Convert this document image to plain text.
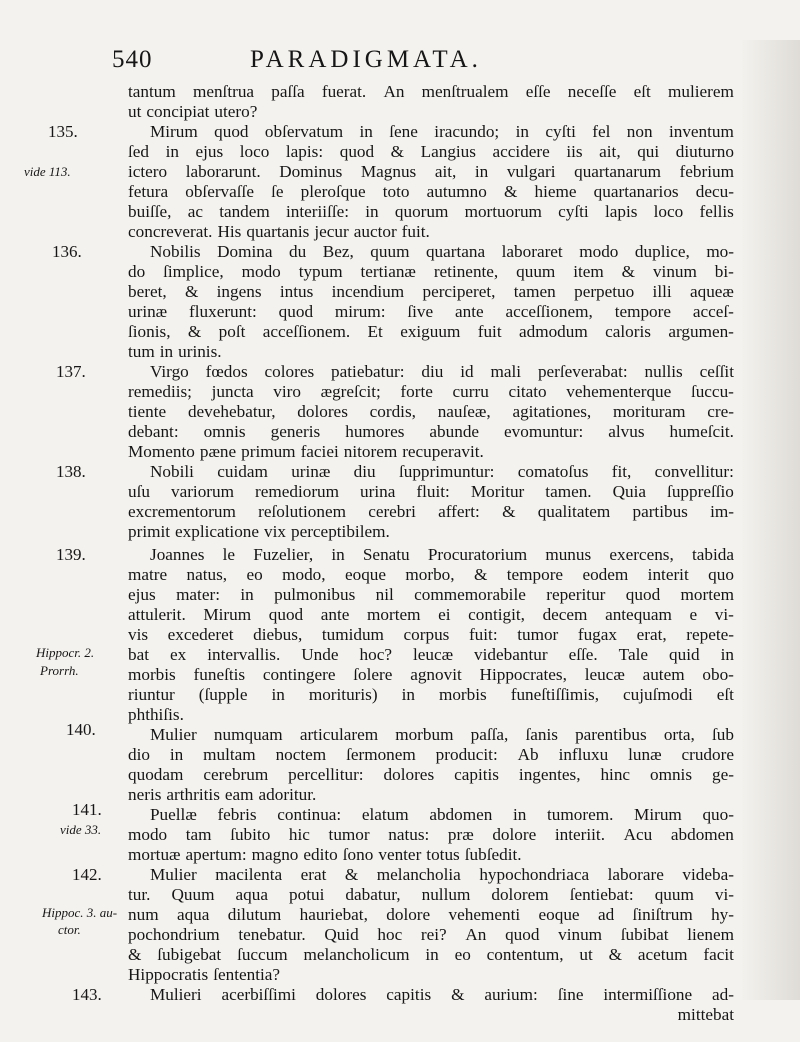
540	PARADIGMATA.
tantum menſtrua paſſa fuerat. An menſtrualem eſſe neceſſe eſt mulierem
ut concipiat utero?
Mirum quod obſervatum in ſene iracundo; in cyſti fel non inventum
ſed in ejus loco lapis: quod & Langius accidere iis ait, qui diuturno
ictero laborarunt. Dominus Magnus ait, in vulgari quartanarum febrium
fetura obſervaſſe ſe pleroſque toto autumno & hieme quartanarios decu-
buiſſe, ac tandem interiiſſe: in quorum mortuorum cyſti lapis loco fellis
concreverat. His quartanis jecur auctor fuit.
Nobilis Domina du Bez, quum quartana laboraret modo duplice, mo-
do ſimplice, modo typum tertianæ retinente, quum item & vinum bi-
beret, & ingens intus incendium perciperet, tamen perpetuo illi aqueæ
urinæ fluxerunt: quod mirum: ſive ante acceſſionem, tempore acceſ-
ſionis, & poſt acceſſionem. Et exiguum fuit admodum caloris argumen-
tum in urinis.
Virgo fœdos colores patiebatur: diu id mali perſeverabat: nullis ceſſit
remediis; juncta viro ægreſcit; forte curru citato vehementerque ſuccu-
tiente devehebatur, dolores cordis, nauſeæ, agitationes, morituram cre-
debant: omnis generis humores abunde evomuntur: alvus humeſcit.
Momento pæne primum faciei nitorem recuperavit.
Nobili cuidam urinæ diu ſupprimuntur: comatoſus fit, convellitur:
uſu variorum remediorum urina fluit: Moritur tamen. Quia ſuppreſſio
excrementorum reſolutionem cerebri affert: & qualitatem partibus im-
primit explicatione vix perceptibilem.
Joannes le Fuzelier, in Senatu Procuratorium munus exercens, tabida
matre natus, eo modo, eoque morbo, & tempore eodem interit quo
ejus mater: in pulmonibus nil commemorabile reperitur quod mortem
attulerit. Mirum quod ante mortem ei contigit, decem antequam e vi-
vis excederet diebus, tumidum corpus fuit: tumor fugax erat, repete-
bat ex intervallis. Unde hoc? leucæ videbantur eſſe. Tale quid in
morbis funeſtis contingere ſolere agnovit Hippocrates, leucæ autem obo-
riuntur (ſupple in morituris) in morbis funeſtiſſimis, cujuſmodi eſt
phthiſis.
Mulier numquam articularem morbum paſſa, ſanis parentibus orta, ſub
dio in multam noctem ſermonem producit: Ab influxu lunæ crudore
quodam cerebrum percellitur: dolores capitis ingentes, hinc omnis ge-
neris arthritis eam adoritur.
Puellæ febris continua: elatum abdomen in tumorem. Mirum quo-
modo tam ſubito hic tumor natus: præ dolore interiit. Acu abdomen
mortuæ apertum: magno edito ſono venter totus ſubſedit.
Mulier macilenta erat & melancholia hypochondriaca laborare videba-
tur. Quum aqua potui dabatur, nullum dolorem ſentiebat: quum vi-
num aqua dilutum hauriebat, dolore vehementi eoque ad ſiniſtrum hy-
pochondrium tenebatur. Quid hoc rei? An quod vinum ſubibat lienem
& ſubigebat ſuccum melancholicum in eo contentum, ut & acetum facit
Hippocratis ſententia?
Mulieri acerbiſſimi dolores capitis & aurium: ſine intermiſſione ad-
mittebat
135.
136.
137.
138.
139.
140.
141.
142.
143.
vide 113.
Hippocr. 2.
Prorrh.
vide 33.
Hippoc. 3. au-
ctor.
